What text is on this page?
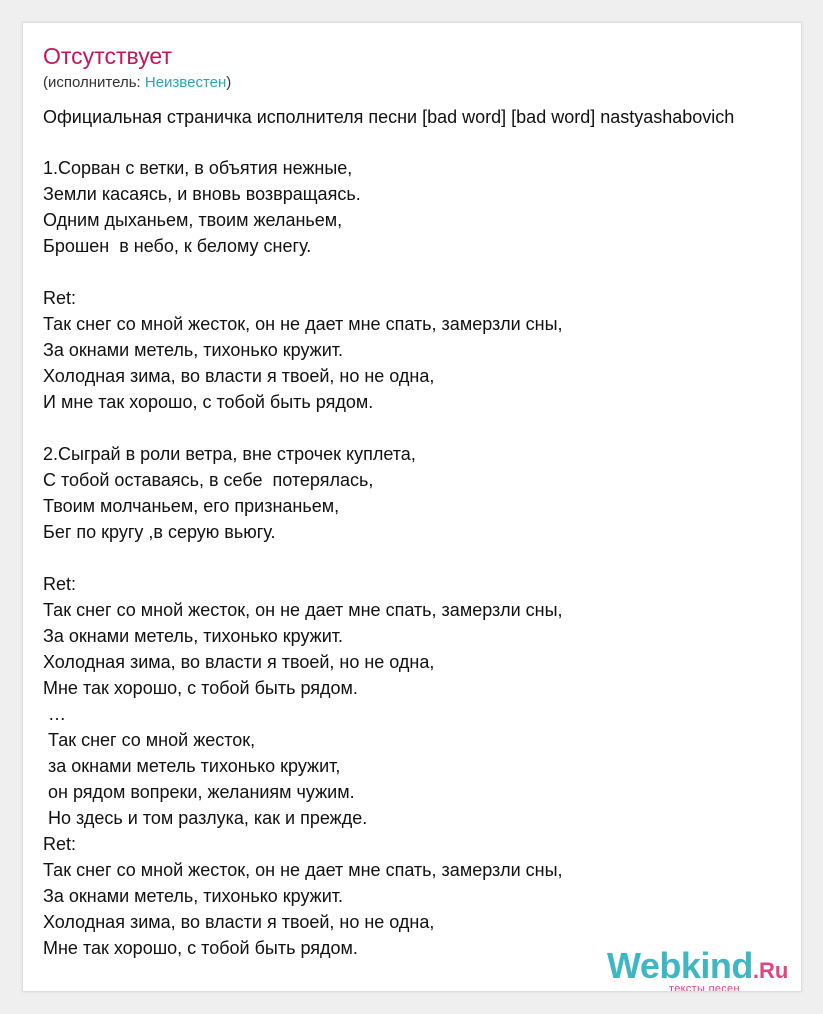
Отсутствует
(исполнитель: Неизвестен)
Официальная страничка исполнителя песни [bad word] [bad word] nastyashabovich
1.Сорван с ветки, в объятия нежные,
Земли касаясь, и вновь возвращаясь.
Одним дыханьем, твоим желаньем,
Брошен  в небо, к белому снегу.
Ret:
Так снег со мной жесток, он не дает мне спать, замерзли сны,
За окнами метель, тихонько кружит.
Холодная зима, во власти я твоей, но не одна,
И мне так хорошо, с тобой быть рядом.
2.Сыграй в роли ветра, вне строчек куплета,
С тобой оставаясь, в себе  потерялась,
Твоим молчаньем, его признаньем,
Бег по кругу ,в серую вьюгу.
Ret:
Так снег со мной жесток, он не дает мне спать, замерзли сны,
За окнами метель, тихонько кружит.
Холодная зима, во власти я твоей, но не одна,
Мне так хорошо, с тобой быть рядом.
…
Так снег со мной жесток,
за окнами метель тихонько кружит,
он рядом вопреки, желаниям чужим.
Но здесь и том разлука, как и прежде.
Ret:
Так снег со мной жесток, он не дает мне спать, замерзли сны,
За окнами метель, тихонько кружит.
Холодная зима, во власти я твоей, но не одна,
Мне так хорошо, с тобой быть рядом.	Webkind.Ru
тексты песен
